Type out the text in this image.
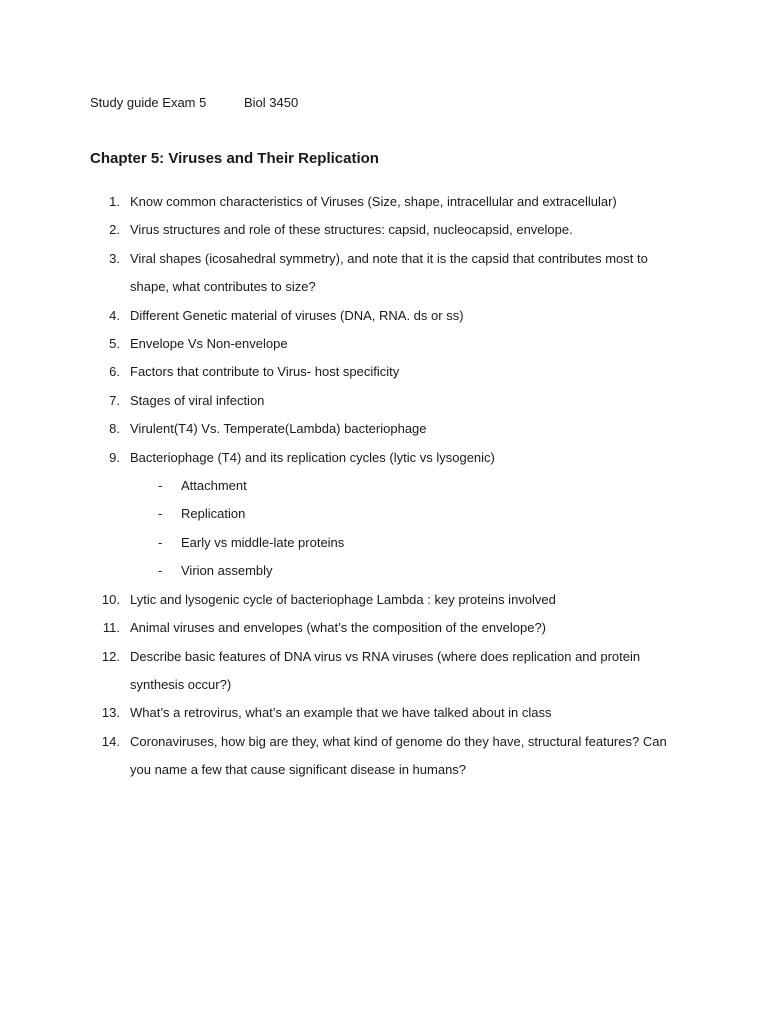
Study guide Exam 5	Biol 3450
Chapter 5: Viruses and Their Replication
1. Know common characteristics of Viruses (Size, shape, intracellular and extracellular)
2. Virus structures and role of these structures: capsid, nucleocapsid, envelope.
3. Viral shapes (icosahedral symmetry), and note that it is the capsid that contributes most to shape, what contributes to size?
4. Different Genetic material of viruses (DNA, RNA. ds or ss)
5. Envelope Vs Non-envelope
6. Factors that contribute to Virus- host specificity
7. Stages of viral infection
8. Virulent(T4) Vs. Temperate(Lambda) bacteriophage
9. Bacteriophage (T4) and its replication cycles (lytic vs lysogenic)
- Attachment
- Replication
- Early vs middle-late proteins
- Virion assembly
10. Lytic and lysogenic cycle of bacteriophage Lambda : key proteins involved
11. Animal viruses and envelopes (what’s the composition of the envelope?)
12. Describe basic features of DNA virus vs RNA viruses (where does replication and protein synthesis occur?)
13. What’s a retrovirus, what’s an example that we have talked about in class
14. Coronaviruses, how big are they, what kind of genome do they have, structural features? Can you name a few that cause significant disease in humans?
